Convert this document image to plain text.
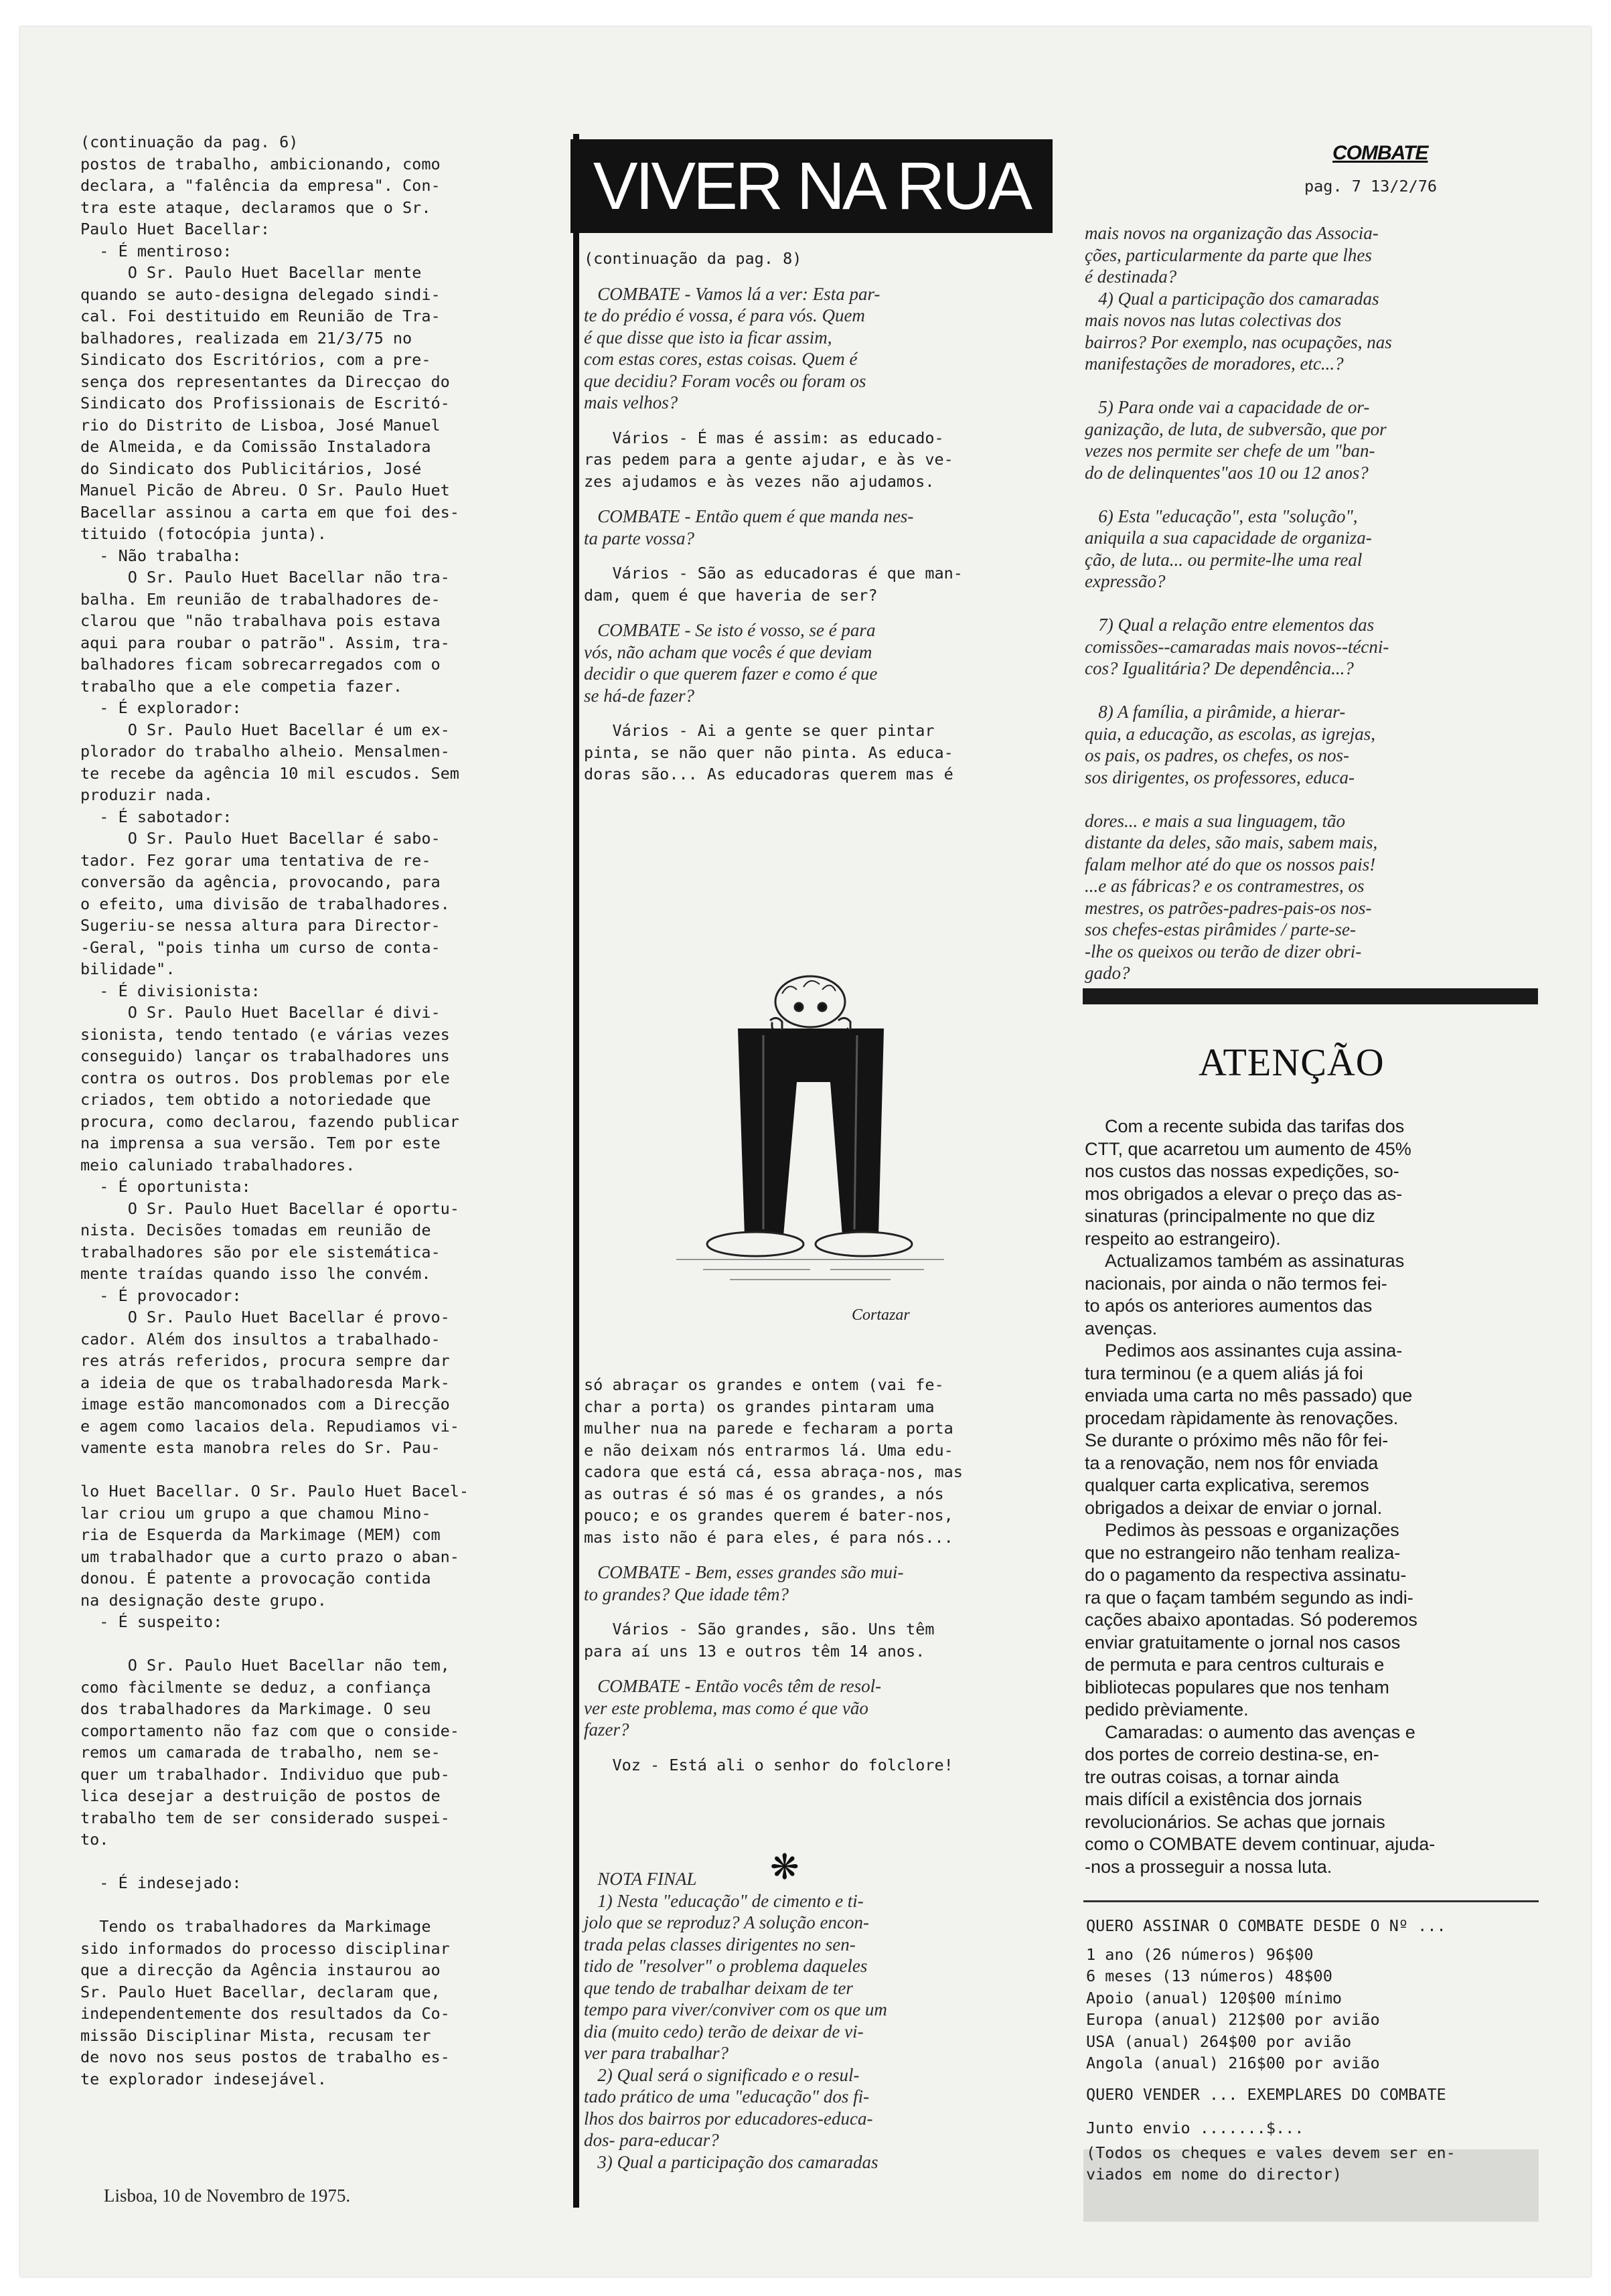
(continuação da pag. 6)
postos de trabalho, ambicionando, como
declara, a "falência da empresa". Con-
tra este ataque, declaramos que o Sr.
Paulo Huet Bacellar:
- É mentiroso:
O Sr. Paulo Huet Bacellar mente
quando se auto-designa delegado sindi-
cal. Foi destituido em Reunião de Tra-
balhadores, realizada em 21/3/75 no
Sindicato dos Escritórios, com a pre-
sença dos representantes da Direcçao do
Sindicato dos Profissionais de Escritó-
rio do Distrito de Lisboa, José Manuel
de Almeida, e da Comissão Instaladora
do Sindicato dos Publicitários, José
Manuel Picão de Abreu. O Sr. Paulo Huet
Bacellar assinou a carta em que foi des-
tituido (fotocópia junta).
- Não trabalha:
O Sr. Paulo Huet Bacellar não tra-
balha. Em reunião de trabalhadores de-
clarou que "não trabalhava pois estava
aqui para roubar o patrão". Assim, tra-
balhadores ficam sobrecarregados com o
trabalho que a ele competia fazer.
- É explorador:
O Sr. Paulo Huet Bacellar é um ex-
plorador do trabalho alheio. Mensalmen-
te recebe da agência 10 mil escudos. Sem
produzir nada.
- É sabotador:
O Sr. Paulo Huet Bacellar é sabo-
tador. Fez gorar uma tentativa de re-
conversão da agência, provocando, para
o efeito, uma divisão de trabalhadores.
Sugeriu-se nessa altura para Director-
-Geral, "pois tinha um curso de conta-
bilidade".
- É divisionista:
O Sr. Paulo Huet Bacellar é divi-
sionista, tendo tentado (e várias vezes
conseguido) lançar os trabalhadores uns
contra os outros. Dos problemas por ele
criados, tem obtido a notoriedade que
procura, como declarou, fazendo publicar
na imprensa a sua versão. Tem por este
meio caluniado trabalhadores.
- É oportunista:
O Sr. Paulo Huet Bacellar é oportu-
nista. Decisões tomadas em reunião de
trabalhadores são por ele sistemática-
mente traídas quando isso lhe convém.
- É provocador:
O Sr. Paulo Huet Bacellar é provo-
cador. Além dos insultos a trabalhado-
res atrás referidos, procura sempre dar
a ideia de que os trabalhadoresda Mark-
image estão mancomonados com a Direcção
e agem como lacaios dela. Repudiamos vi-
vamente esta manobra reles do Sr. Pau-

lo Huet Bacellar. O Sr. Paulo Huet Bacel-
lar criou um grupo a que chamou Mino-
ria de Esquerda da Markimage (MEM) com
um trabalhador que a curto prazo o aban-
donou. É patente a provocação contida
na designação deste grupo.
- É suspeito:

O Sr. Paulo Huet Bacellar não tem,
como fàcilmente se deduz, a confiança
dos trabalhadores da Markimage. O seu
comportamento não faz com que o conside-
remos um camarada de trabalho, nem se-
quer um trabalhador. Individuo que pub-
lica desejar a destruição de postos de
trabalho tem de ser considerado suspei-
to.

- É indesejado:

Tendo os trabalhadores da Markimage
sido informados do processo disciplinar
que a direcção da Agência instaurou ao
Sr. Paulo Huet Bacellar, declaram que,
independentemente dos resultados da Co-
missão Disciplinar Mista, recusam ter
de novo nos seus postos de trabalho es-
te explorador indesejável.

Lisboa, 10 de Novembro de 1975.
VIVER NA RUA

(continuação da pag. 8)

COMBATE - Vamos lá a ver: Esta par-
te do prédio é vossa, é para vós. Quem
é que disse que isto ia ficar assim,
com estas cores, estas coisas. Quem é
que decidiu? Foram vocês ou foram os
mais velhos?

Vários - É mas é assim: as educado-
ras pedem para a gente ajudar, e às ve-
zes ajudamos e às vezes não ajudamos.

COMBATE - Então quem é que manda nes-
ta parte vossa?

Vários - São as educadoras é que man-
dam, quem é que haveria de ser?

COMBATE - Se isto é vosso, se é para
vós, não acham que vocês é que deviam
decidir o que querem fazer e como é que
se há-de fazer?

Vários - Ai a gente se quer pintar
pinta, se não quer não pinta. As educa-
doras são... As educadoras querem mas é

Cortazar

só abraçar os grandes e ontem (vai fe-
char a porta) os grandes pintaram uma
mulher nua na parede e fecharam a porta
e não deixam nós entrarmos lá. Uma edu-
cadora que está cá, essa abraça-nos, mas
as outras é só mas é os grandes, a nós
pouco; e os grandes querem é bater-nos,
mas isto não é para eles, é para nós...

COMBATE - Bem, esses grandes são mui-
to grandes? Que idade têm?

Vários - São grandes, são. Uns têm
para aí uns 13 e outros têm 14 anos.

COMBATE - Então vocês têm de resol-
ver este problema, mas como é que vão
fazer?

Voz - Está ali o senhor do folclore!

❋

NOTA FINAL
1) Nesta "educação" de cimento e ti-
jolo que se reproduz? A solução encon-
trada pelas classes dirigentes no sen-
tido de "resolver" o problema daqueles
que tendo de trabalhar deixam de ter
tempo para viver/conviver com os que um
dia (muito cedo) terão de deixar de vi-
ver para trabalhar?
2) Qual será o significado e o resul-
tado prático de uma "educação" dos fi-
lhos dos bairros por educadores-educa-
dos- para-educar?
3) Qual a participação dos camaradas

COMBATE
pag. 7 13/2/76

mais novos na organização das Associa-
ções, particularmente da parte que lhes
é destinada?
4) Qual a participação dos camaradas
mais novos nas lutas colectivas dos
bairros? Por exemplo, nas ocupações, nas
manifestações de moradores, etc...?

5) Para onde vai a capacidade de or-
ganização, de luta, de subversão, que por
vezes nos permite ser chefe de um "ban-
do de delinquentes"aos 10 ou 12 anos?

6) Esta "educação", esta "solução",
aniquila a sua capacidade de organiza-
ção, de luta... ou permite-lhe uma real
expressão?

7) Qual a relação entre elementos das
comissões--camaradas mais novos--técni-
cos? Igualitária? De dependência...?

8) A família, a pirâmide, a hierar-
quia, a educação, as escolas, as igrejas,
os pais, os padres, os chefes, os nos-
sos dirigentes, os professores, educa-

dores... e mais a sua linguagem, tão
distante da deles, são mais, sabem mais,
falam melhor até do que os nossos pais!
...e as fábricas? e os contramestres, os
mestres, os patrões-padres-pais-os nos-
sos chefes-estas pirâmides / parte-se-
-lhe os queixos ou terão de dizer obri-
gado?

ATENÇÃO

Com a recente subida das tarifas dos
CTT, que acarretou um aumento de 45%
nos custos das nossas expedições, so-
mos obrigados a elevar o preço das as-
sinaturas (principalmente no que diz
respeito ao estrangeiro).
Actualizamos também as assinaturas
nacionais, por ainda o não termos fei-
to após os anteriores aumentos das
avenças.
Pedimos aos assinantes cuja assina-
tura terminou (e a quem aliás já foi
enviada uma carta no mês passado) que
procedam ràpidamente às renovações.
Se durante o próximo mês não fôr fei-
ta a renovação, nem nos fôr enviada
qualquer carta explicativa, seremos
obrigados a deixar de enviar o jornal.
Pedimos às pessoas e organizações
que no estrangeiro não tenham realiza-
do o pagamento da respectiva assinatu-
ra que o façam também segundo as indi-
cações abaixo apontadas. Só poderemos
enviar gratuitamente o jornal nos casos
de permuta e para centros culturais e
bibliotecas populares que nos tenham
pedido prèviamente.
Camaradas: o aumento das avenças e
dos portes de correio destina-se, en-
tre outras coisas, a tornar ainda
mais difícil a existência dos jornais
revolucionários. Se achas que jornais
como o COMBATE devem continuar, ajuda-
-nos a prosseguir a nossa luta.

QUERO ASSINAR O COMBATE DESDE O Nº ...

1 ano (26 números) 96$00
6 meses (13 números) 48$00
Apoio (anual) 120$00 mínimo
Europa (anual) 212$00 por avião
USA (anual) 264$00 por avião
Angola (anual) 216$00 por avião

QUERO VENDER ... EXEMPLARES DO COMBATE

Junto envio .......$...

(Todos os cheques e vales devem ser en-
viados em nome do director)
